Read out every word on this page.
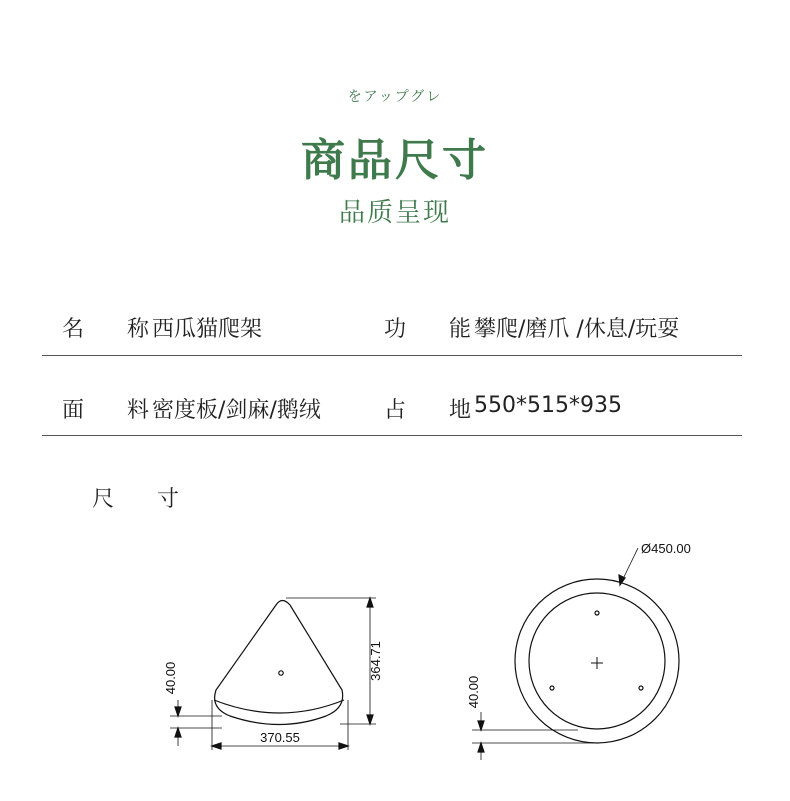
をアップグレ
商品尺寸
品质呈现
名 称
西瓜猫爬架	功 能
攀爬/磨爪 /休息/玩耍
面 料
密度板/剑麻/鹅绒	占 地
550*515*935
尺 寸
364.71
40.00
370.55
Ø450.00
40.00
